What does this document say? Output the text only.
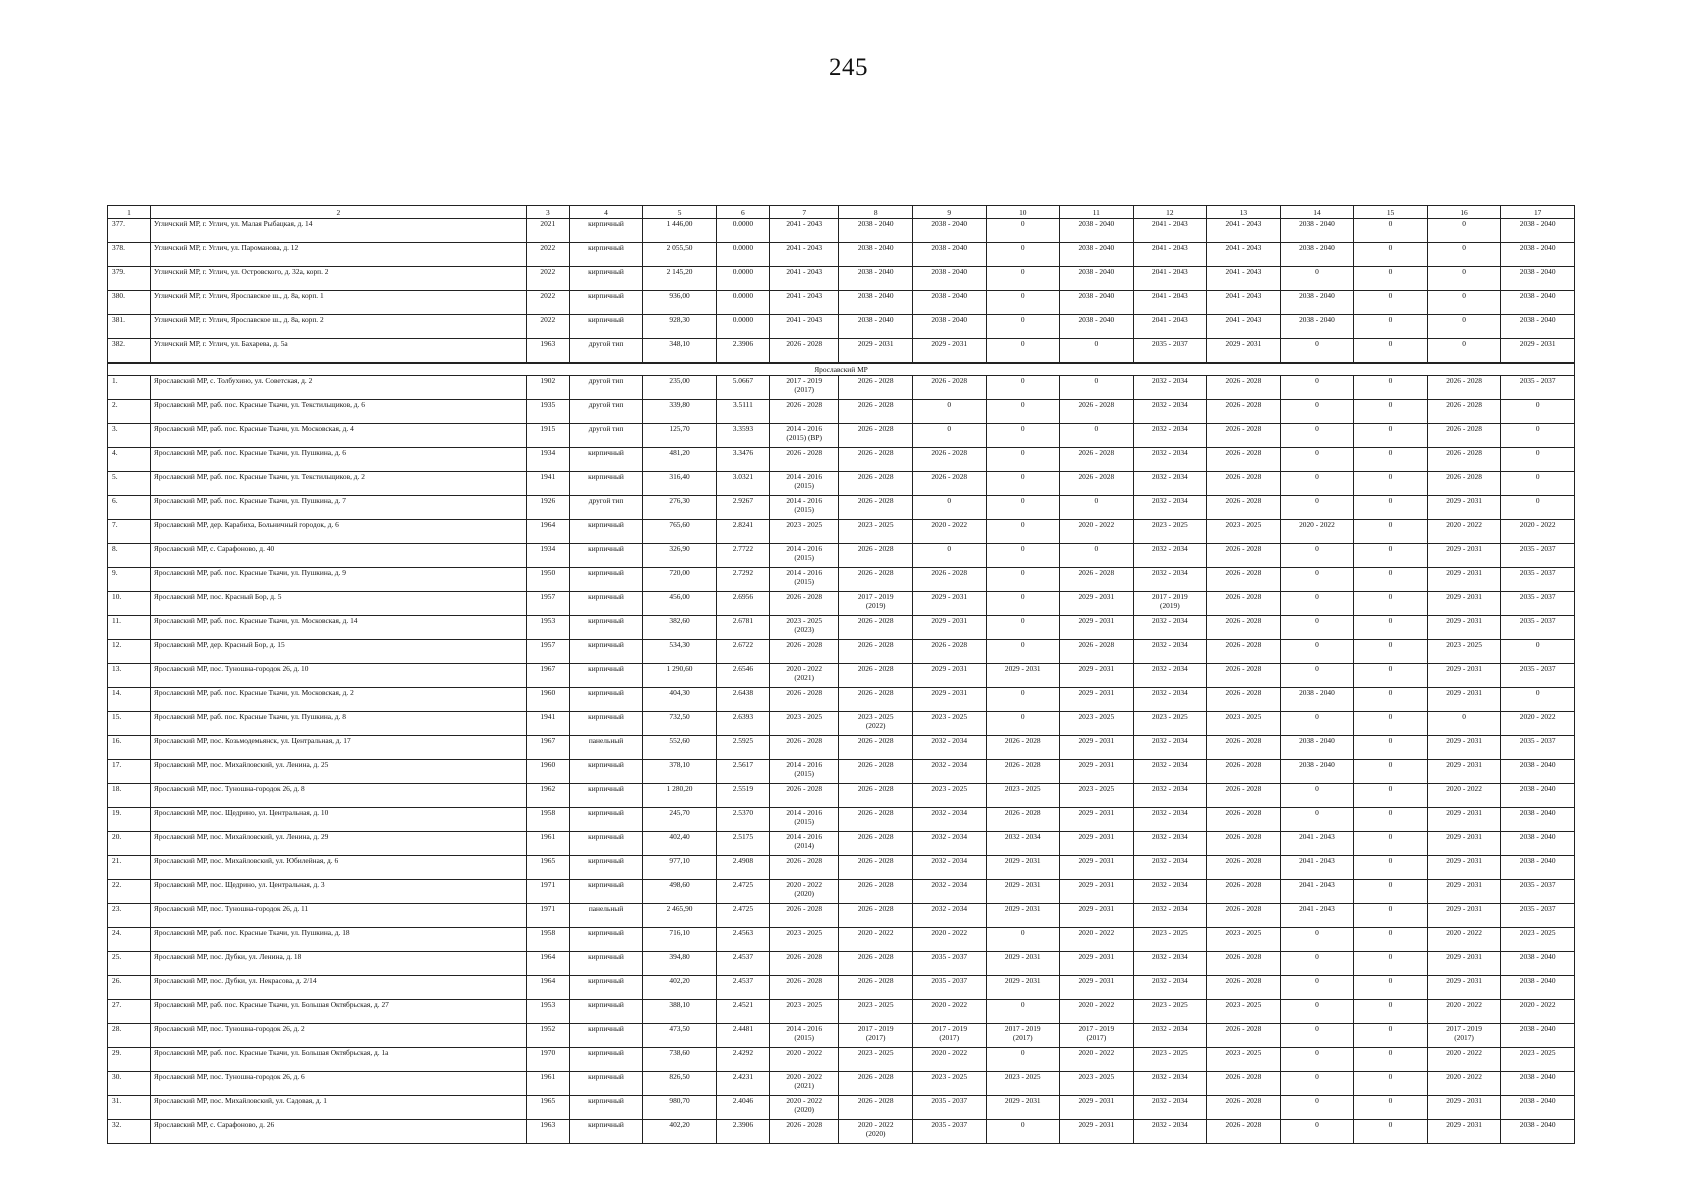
245
1	2	3	4	5	6	7	8	9	10	11	12	13	14	15	16	17
377.	Угличский МР, г. Углич, ул. Малая Рыбацкая, д. 14	2021	кирпичный	1 446,00	0.0000	2041 - 2043	2038 - 2040	2038 - 2040	0	2038 - 2040	2041 - 2043	2041 - 2043	2038 - 2040	0	0	2038 - 2040

378.	Угличский МР, г. Углич, ул. Пароманова, д. 12	2022	кирпичный	2 055,50	0.0000	2041 - 2043	2038 - 2040	2038 - 2040	0	2038 - 2040	2041 - 2043	2041 - 2043	2038 - 2040	0	0	2038 - 2040

379.	Угличский МР, г. Углич, ул. Островского, д. 32а, корп. 2	2022	кирпичный	2 145,20	0.0000	2041 - 2043	2038 - 2040	2038 - 2040	0	2038 - 2040	2041 - 2043	2041 - 2043	0	0	0	2038 - 2040

380.	Угличский МР, г. Углич, Ярославское ш., д. 8а, корп. 1	2022	кирпичный	936,00	0.0000	2041 - 2043	2038 - 2040	2038 - 2040	0	2038 - 2040	2041 - 2043	2041 - 2043	2038 - 2040	0	0	2038 - 2040

381.	Угличский МР, г. Углич, Ярославское ш., д. 8а, корп. 2	2022	кирпичный	928,30	0.0000	2041 - 2043	2038 - 2040	2038 - 2040	0	2038 - 2040	2041 - 2043	2041 - 2043	2038 - 2040	0	0	2038 - 2040

382.	Угличский МР, г. Углич, ул. Бахарева, д. 5а	1963	другой тип	348,10	2.3906	2026 - 2028	2029 - 2031	2029 - 2031	0	0	2035 - 2037	2029 - 2031	0	0	0	2029 - 2031

Ярославский МР																
1.	Ярославский МР, с. Толбухино, ул. Советская, д. 2	1902	другой тип	235,00	5.0667	2017 - 2019
(2017)	2026 - 2028	2026 - 2028	0	0	2032 - 2034	2026 - 2028	0	0	2026 - 2028	2035 - 2037

2.	Ярославский МР, раб. пос. Красные Ткачи, ул. Текстильщиков, д. 6	1935	другой тип	339,80	3.5111	2026 - 2028	2026 - 2028	0	0	2026 - 2028	2032 - 2034	2026 - 2028	0	0	2026 - 2028	0

3.	Ярославский МР, раб. пос. Красные Ткачи, ул. Московская, д. 4	1915	другой тип	125,70	3.3593	2014 - 2016
(2015) (ВР)	2026 - 2028	0	0	0	2032 - 2034	2026 - 2028	0	0	2026 - 2028	0

4.	Ярославский МР, раб. пос. Красные Ткачи, ул. Пушкина, д. 6	1934	кирпичный	481,20	3.3476	2026 - 2028	2026 - 2028	2026 - 2028	0	2026 - 2028	2032 - 2034	2026 - 2028	0	0	2026 - 2028	0

5.	Ярославский МР, раб. пос. Красные Ткачи, ул. Текстильщиков, д. 2	1941	кирпичный	316,40	3.0321	2014 - 2016
(2015)	2026 - 2028	2026 - 2028	0	2026 - 2028	2032 - 2034	2026 - 2028	0	0	2026 - 2028	0

6.	Ярославский МР, раб. пос. Красные Ткачи, ул. Пушкина, д. 7	1926	другой тип	276,30	2.9267	2014 - 2016
(2015)	2026 - 2028	0	0	0	2032 - 2034	2026 - 2028	0	0	2029 - 2031	0

7.	Ярославский МР, дер. Карабиха, Больничный городок, д. 6	1964	кирпичный	765,60	2.8241	2023 - 2025	2023 - 2025	2020 - 2022	0	2020 - 2022	2023 - 2025	2023 - 2025	2020 - 2022	0	2020 - 2022	2020 - 2022

8.	Ярославский МР, с. Сарафоново, д. 40	1934	кирпичный	326,90	2.7722	2014 - 2016
(2015)	2026 - 2028	0	0	0	2032 - 2034	2026 - 2028	0	0	2029 - 2031	2035 - 2037

9.	Ярославский МР, раб. пос. Красные Ткачи, ул. Пушкина, д. 9	1950	кирпичный	720,00	2.7292	2014 - 2016
(2015)	2026 - 2028	2026 - 2028	0	2026 - 2028	2032 - 2034	2026 - 2028	0	0	2029 - 2031	2035 - 2037

10.	Ярославский МР, пос. Красный Бор, д. 5	1957	кирпичный	456,00	2.6956	2026 - 2028	2017 - 2019
(2019)	2029 - 2031	0	2029 - 2031	2017 - 2019
(2019)	2026 - 2028	0	0	2029 - 2031	2035 - 2037

11.	Ярославский МР, раб. пос. Красные Ткачи, ул. Московская, д. 14	1953	кирпичный	382,60	2.6781	2023 - 2025
(2023)	2026 - 2028	2029 - 2031	0	2029 - 2031	2032 - 2034	2026 - 2028	0	0	2029 - 2031	2035 - 2037

12.	Ярославский МР, дер. Красный Бор, д. 15	1957	кирпичный	534,30	2.6722	2026 - 2028	2026 - 2028	2026 - 2028	0	2026 - 2028	2032 - 2034	2026 - 2028	0	0	2023 - 2025	0

13.	Ярославский МР, пос. Туношна-городок 26, д. 10	1967	кирпичный	1 290,60	2.6546	2020 - 2022
(2021)	2026 - 2028	2029 - 2031	2029 - 2031	2029 - 2031	2032 - 2034	2026 - 2028	0	0	2029 - 2031	2035 - 2037

14.	Ярославский МР, раб. пос. Красные Ткачи, ул. Московская, д. 2	1960	кирпичный	404,30	2.6438	2026 - 2028	2026 - 2028	2029 - 2031	0	2029 - 2031	2032 - 2034	2026 - 2028	2038 - 2040	0	2029 - 2031	0

15.	Ярославский МР, раб. пос. Красные Ткачи, ул. Пушкина, д. 8	1941	кирпичный	732,50	2.6393	2023 - 2025	2023 - 2025
(2022)	2023 - 2025	0	2023 - 2025	2023 - 2025	2023 - 2025	0	0	0	2020 - 2022

16.	Ярославский МР, пос. Козьмодемьянск, ул. Центральная, д. 17	1967	панельный	552,60	2.5925	2026 - 2028	2026 - 2028	2032 - 2034	2026 - 2028	2029 - 2031	2032 - 2034	2026 - 2028	2038 - 2040	0	2029 - 2031	2035 - 2037

17.	Ярославский МР, пос. Михайловский, ул. Ленина, д. 25	1960	кирпичный	378,10	2.5617	2014 - 2016
(2015)	2026 - 2028	2032 - 2034	2026 - 2028	2029 - 2031	2032 - 2034	2026 - 2028	2038 - 2040	0	2029 - 2031	2038 - 2040

18.	Ярославский МР, пос. Туношна-городок 26, д. 8	1962	кирпичный	1 280,20	2.5519	2026 - 2028	2026 - 2028	2023 - 2025	2023 - 2025	2023 - 2025	2032 - 2034	2026 - 2028	0	0	2020 - 2022	2038 - 2040

19.	Ярославский МР, пос. Щедрино, ул. Центральная, д. 10	1958	кирпичный	245,70	2.5370	2014 - 2016
(2015)	2026 - 2028	2032 - 2034	2026 - 2028	2029 - 2031	2032 - 2034	2026 - 2028	0	0	2029 - 2031	2038 - 2040

20.	Ярославский МР, пос. Михайловский, ул. Ленина, д. 29	1961	кирпичный	402,40	2.5175	2014 - 2016
(2014)	2026 - 2028	2032 - 2034	2032 - 2034	2029 - 2031	2032 - 2034	2026 - 2028	2041 - 2043	0	2029 - 2031	2038 - 2040

21.	Ярославский МР, пос. Михайловский, ул. Юбилейная, д. 6	1965	кирпичный	977,10	2.4908	2026 - 2028	2026 - 2028	2032 - 2034	2029 - 2031	2029 - 2031	2032 - 2034	2026 - 2028	2041 - 2043	0	2029 - 2031	2038 - 2040

22.	Ярославский МР, пос. Щедрино, ул. Центральная, д. 3	1971	кирпичный	498,60	2.4725	2020 - 2022
(2020)	2026 - 2028	2032 - 2034	2029 - 2031	2029 - 2031	2032 - 2034	2026 - 2028	2041 - 2043	0	2029 - 2031	2035 - 2037

23.	Ярославский МР, пос. Туношна-городок 26, д. 11	1971	панельный	2 465,90	2.4725	2026 - 2028	2026 - 2028	2032 - 2034	2029 - 2031	2029 - 2031	2032 - 2034	2026 - 2028	2041 - 2043	0	2029 - 2031	2035 - 2037

24.	Ярославский МР, раб. пос. Красные Ткачи, ул. Пушкина, д. 18	1958	кирпичный	716,10	2.4563	2023 - 2025	2020 - 2022	2020 - 2022	0	2020 - 2022	2023 - 2025	2023 - 2025	0	0	2020 - 2022	2023 - 2025

25.	Ярославский МР, пос. Дубки, ул. Ленина, д. 18	1964	кирпичный	394,80	2.4537	2026 - 2028	2026 - 2028	2035 - 2037	2029 - 2031	2029 - 2031	2032 - 2034	2026 - 2028	0	0	2029 - 2031	2038 - 2040

26.	Ярославский МР, пос. Дубки, ул. Некрасова, д. 2/14	1964	кирпичный	402,20	2.4537	2026 - 2028	2026 - 2028	2035 - 2037	2029 - 2031	2029 - 2031	2032 - 2034	2026 - 2028	0	0	2029 - 2031	2038 - 2040

27.	Ярославский МР, раб. пос. Красные Ткачи, ул. Большая Октябрьская, д. 27	1953	кирпичный	388,10	2.4521	2023 - 2025	2023 - 2025	2020 - 2022	0	2020 - 2022	2023 - 2025	2023 - 2025	0	0	2020 - 2022	2020 - 2022

28.	Ярославский МР, пос. Туношна-городок 26, д. 2	1952	кирпичный	473,50	2.4481	2014 - 2016
(2015)	2017 - 2019
(2017)	2017 - 2019
(2017)	2017 - 2019
(2017)	2017 - 2019
(2017)	2032 - 2034	2026 - 2028	0	0	2017 - 2019
(2017)	2038 - 2040

29.	Ярославский МР, раб. пос. Красные Ткачи, ул. Большая Октябрьская, д. 1а	1970	кирпичный	738,60	2.4292	2020 - 2022	2023 - 2025	2020 - 2022	0	2020 - 2022	2023 - 2025	2023 - 2025	0	0	2020 - 2022	2023 - 2025

30.	Ярославский МР, пос. Туношна-городок 26, д. 6	1961	кирпичный	826,50	2.4231	2020 - 2022
(2021)	2026 - 2028	2023 - 2025	2023 - 2025	2023 - 2025	2032 - 2034	2026 - 2028	0	0	2020 - 2022	2038 - 2040

31.	Ярославский МР, пос. Михайловский, ул. Садовая, д. 1	1965	кирпичный	980,70	2.4046	2020 - 2022
(2020)	2026 - 2028	2035 - 2037	2029 - 2031	2029 - 2031	2032 - 2034	2026 - 2028	0	0	2029 - 2031	2038 - 2040

32.	Ярославский МР, с. Сарафоново, д. 26	1963	кирпичный	402,20	2.3906	2026 - 2028	2020 - 2022
(2020)	2035 - 2037	0	2029 - 2031	2032 - 2034	2026 - 2028	0	0	2029 - 2031	2038 - 2040
